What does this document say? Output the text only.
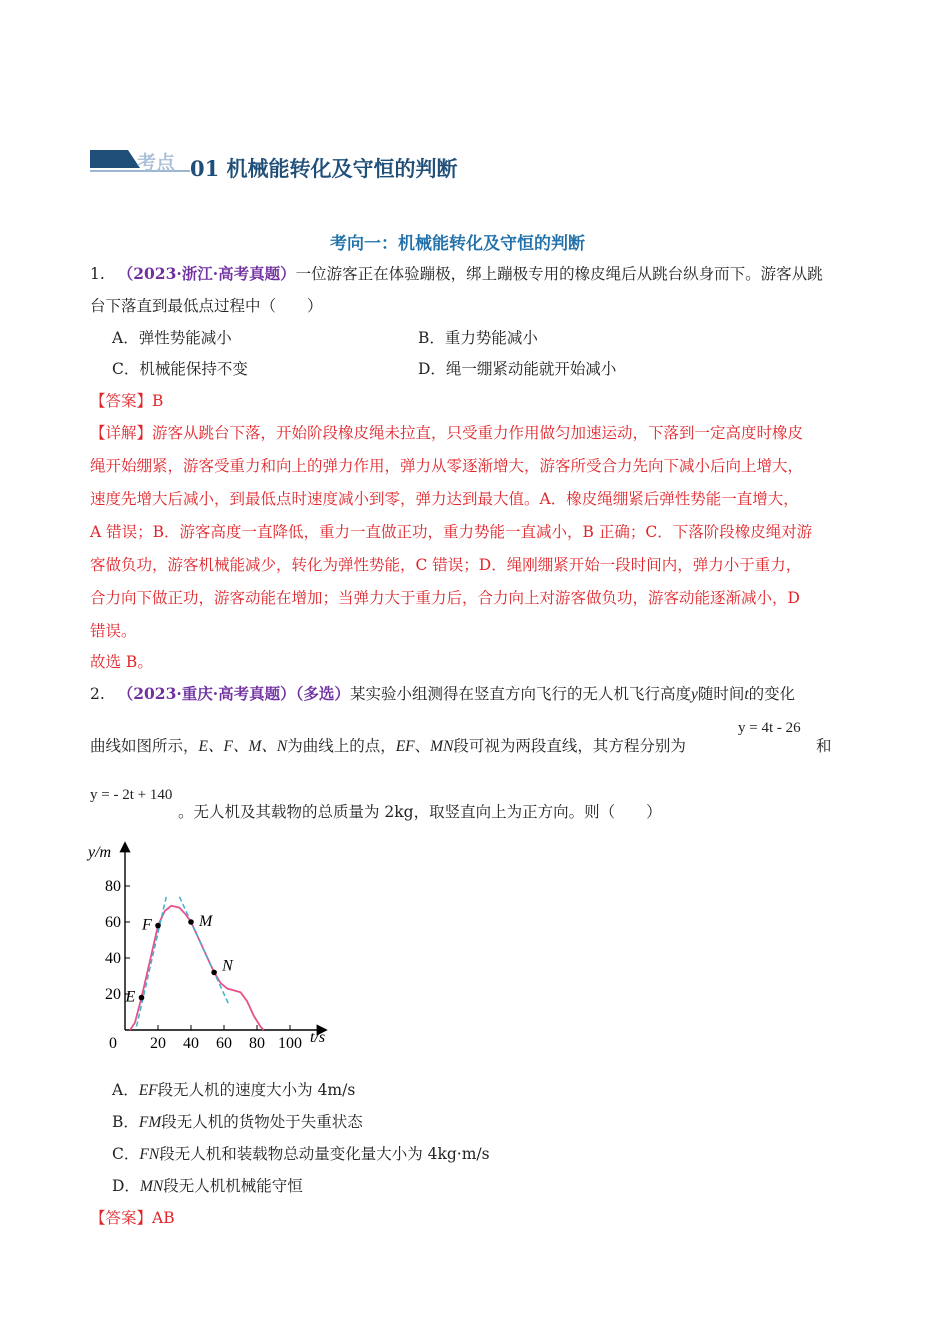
考点 01 机械能转化及守恒的判断
考向一：机械能转化及守恒的判断
1. （2023·浙江·高考真题）一位游客正在体验蹦极，绑上蹦极专用的橡皮绳后从跳台纵身而下。游客从跳
台下落直到最低点过程中（　　）
A．弹性势能减小	B．重力势能减小
C．机械能保持不变	D．绳一绷紧动能就开始减小
【答案】B
【详解】游客从跳台下落，开始阶段橡皮绳未拉直，只受重力作用做匀加速运动，下落到一定高度时橡皮
绳开始绷紧，游客受重力和向上的弹力作用，弹力从零逐渐增大，游客所受合力先向下减小后向上增大，
速度先增大后减小，到最低点时速度减小到零，弹力达到最大值。A．橡皮绳绷紧后弹性势能一直增大，
A 错误；B．游客高度一直降低，重力一直做正功，重力势能一直减小，B 正确；C．下落阶段橡皮绳对游
客做负功，游客机械能减少，转化为弹性势能，C 错误；D．绳刚绷紧开始一段时间内，弹力小于重力，
合力向下做正功，游客动能在增加；当弹力大于重力后，合力向上对游客做负功，游客动能逐渐减小，D
错误。
故选 B。
2. （2023·重庆·高考真题）（多选）某实验小组测得在竖直方向飞行的无人机飞行高度y随时间t的变化
y = 4t - 26
曲线如图所示，E、F、M、N为曲线上的点，EF、MN段可视为两段直线，其方程分别为	和
y = - 2t + 140
。无人机及其载物的总质量为 2kg，取竖直向上为正方向。则（　　）
0 20 40 60 80 100
20
40
60
80
E
F	M
N
y/m
t/s
A．EF段无人机的速度大小为 4m/s
B．FM段无人机的货物处于失重状态
C．FN段无人机和装载物总动量变化量大小为 4kg·m/s
D．MN段无人机机械能守恒
【答案】AB
